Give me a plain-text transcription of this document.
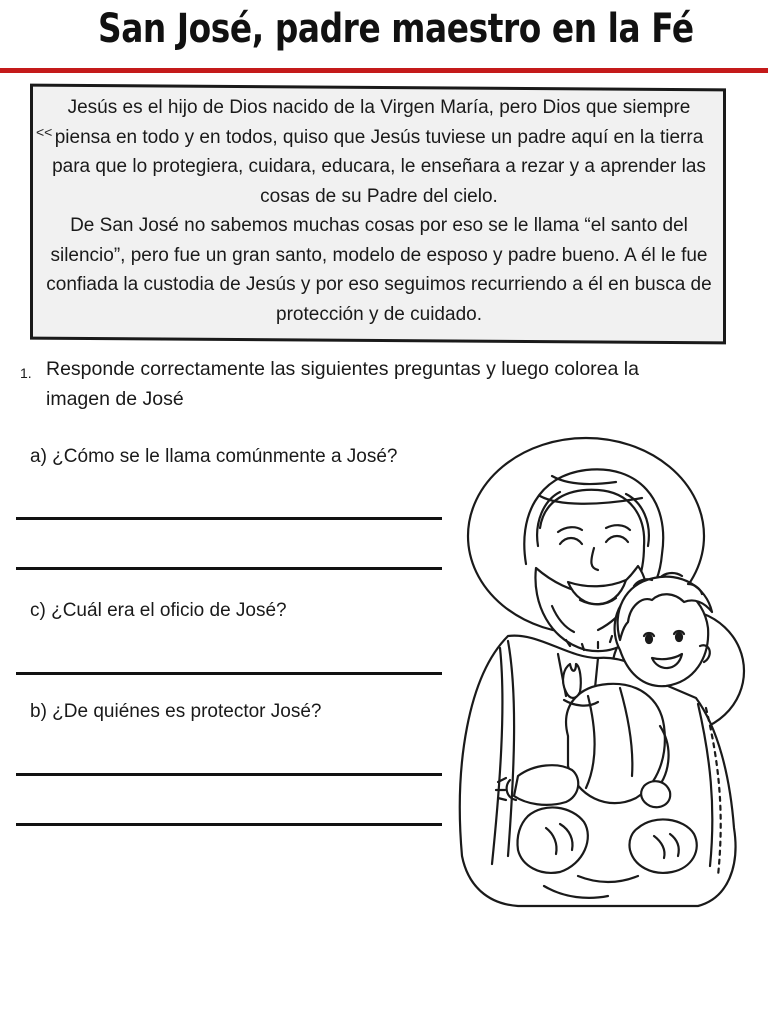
San José, padre maestro en la Fé
<<

Jesús es el hijo de Dios nacido de la Virgen María, pero Dios que siempre piensa en todo y en todos, quiso que Jesús tuviese un padre aquí en la tierra para que lo protegiera, cuidara, educara, le enseñara a rezar y a aprender las cosas de su Padre del cielo.

De San José no sabemos muchas cosas por eso se le llama “el santo del silencio”, pero fue un gran santo, modelo de esposo y padre bueno. A él le fue confiada la custodia de Jesús y por eso seguimos recurriendo a él en busca de protección y de cuidado.

1. Responde correctamente las siguientes preguntas y luego colorea la imagen de José
a) ¿Cómo se le llama comúnmente a José?
c) ¿Cuál era el oficio de José?
b) ¿De quiénes es protector José?
